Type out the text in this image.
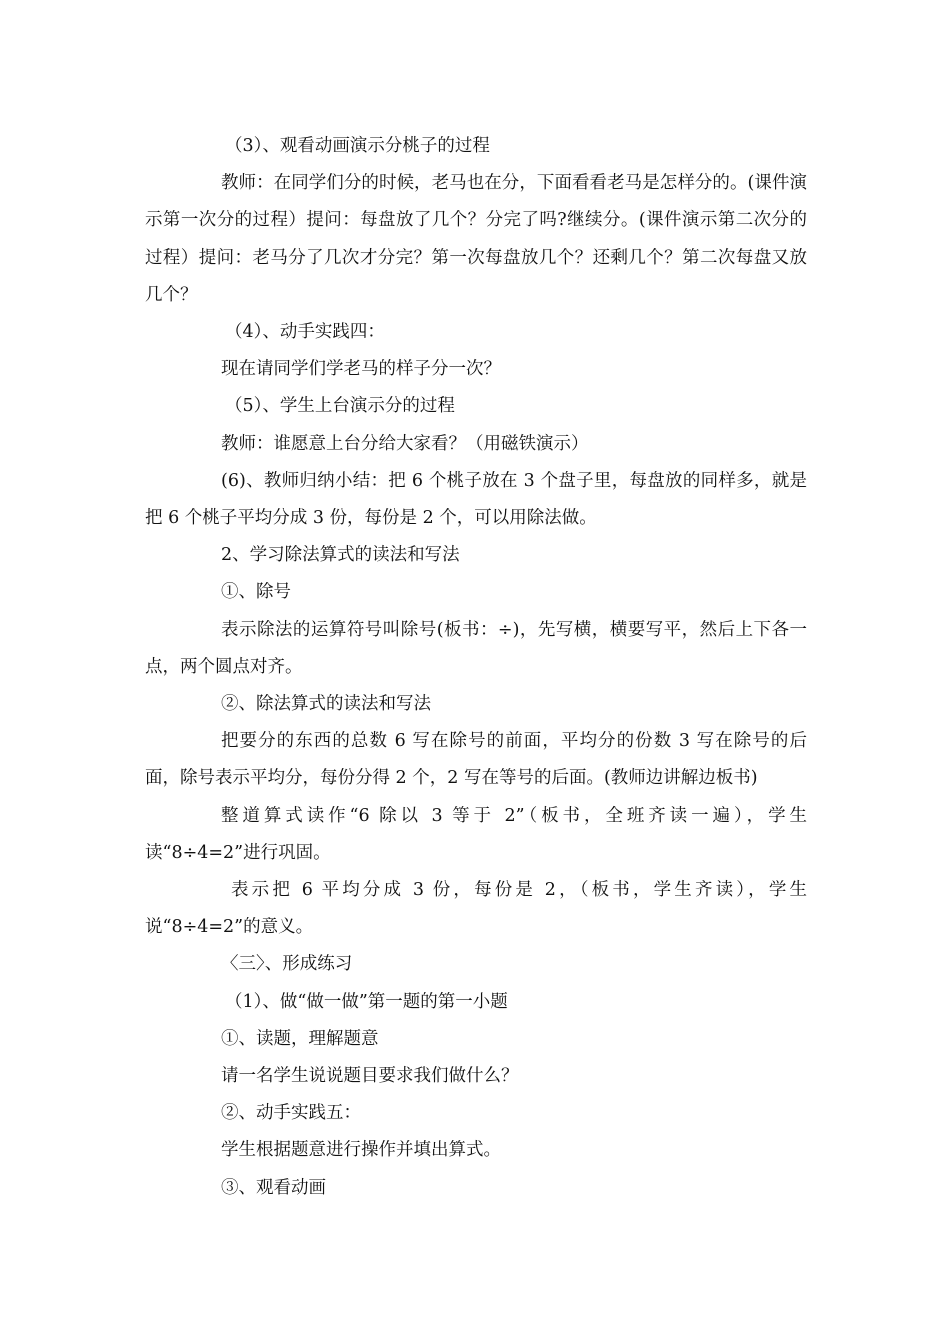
（3）、观看动画演示分桃子的过程

教师：在同学们分的时候，老马也在分，下面看看老马是怎样分的。(课件演示第一次分的过程）提问：每盘放了几个？分完了吗?继续分。(课件演示第二次分的过程）提问：老马分了几次才分完？第一次每盘放几个？还剩几个？第二次每盘又放几个？

（4）、动手实践四：

现在请同学们学老马的样子分一次？

（5）、学生上台演示分的过程

教师：谁愿意上台分给大家看？（用磁铁演示）

(6)、教师归纳小结：把 6 个桃子放在 3 个盘子里，每盘放的同样多，就是把 6 个桃子平均分成 3 份，每份是 2 个，可以用除法做。

2、学习除法算式的读法和写法

①、除号

表示除法的运算符号叫除号(板书：÷)，先写横，横要写平，然后上下各一点，两个圆点对齐。

②、除法算式的读法和写法

把要分的东西的总数 6 写在除号的前面，平均分的份数 3 写在除号的后面，除号表示平均分，每份分得 2 个，2 写在等号的后面。(教师边讲解边板书)

整道算式读作“6 除以 3 等于 2”（板书，全班齐读一遍），学生读“8÷4=2”进行巩固。

表示把 6 平均分成 3 份，每份是 2，（板书，学生齐读），学生说“8÷4=2”的意义。

〈三〉、形成练习

（1）、做“做一做”第一题的第一小题

①、读题，理解题意

请一名学生说说题目要求我们做什么？

②、动手实践五：

学生根据题意进行操作并填出算式。

③、观看动画
